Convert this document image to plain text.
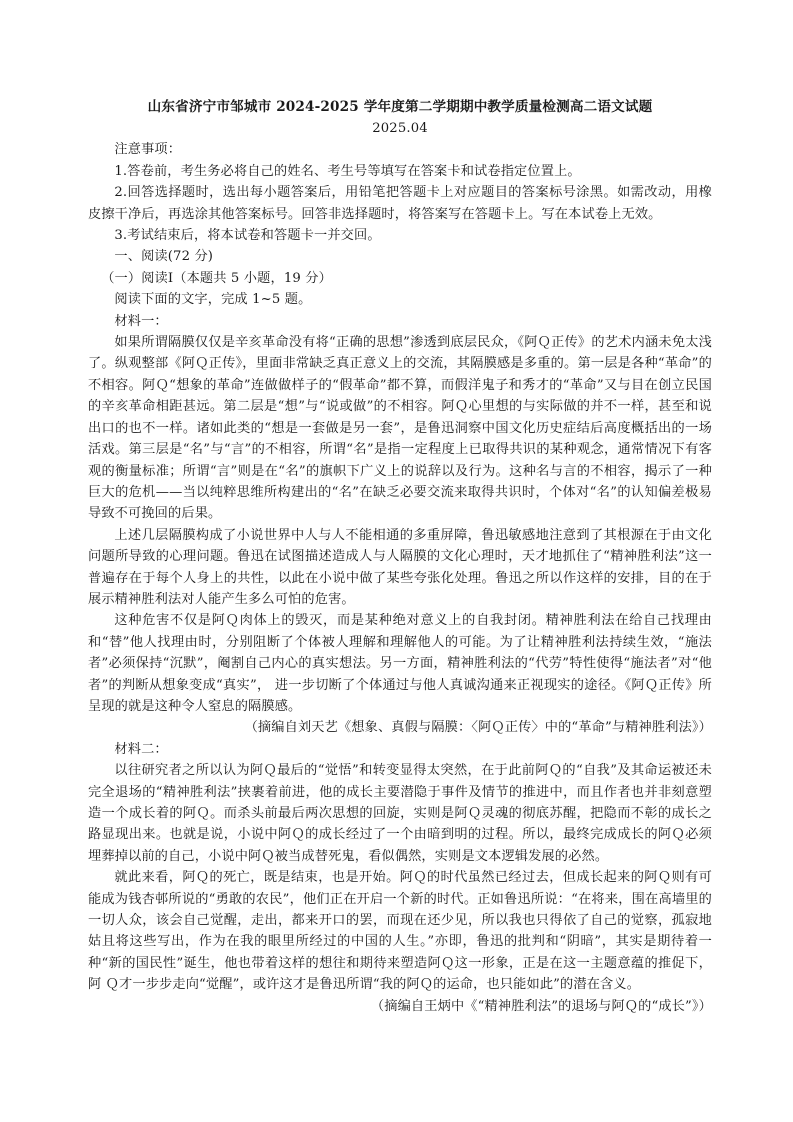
山东省济宁市邹城市 2024-2025 学年度第二学期期中教学质量检测高二语文试题

2025.04

注意事项：

1.答卷前，考生务必将自己的姓名、考生号等填写在答案卡和试卷指定位置上。

2.回答选择题时，选出每小题答案后，用铅笔把答题卡上对应题目的答案标号涂黑。如需改动，用橡皮擦干净后，再选涂其他答案标号。回答非选择题时，将答案写在答题卡上。写在本试卷上无效。

3.考试结束后，将本试卷和答题卡一并交回。

一、阅读(72 分)

（一）阅读Ⅰ（本题共 5 小题，19 分）

阅读下面的文字，完成 1~5 题。

材料一：

如果所谓隔膜仅仅是辛亥革命没有将“正确的思想”渗透到底层民众，《阿Ｑ正传》的艺术内涵未免太浅了。纵观整部《阿Ｑ正传》，里面非常缺乏真正意义上的交流，其隔膜感是多重的。第一层是各种“革命”的不相容。阿Ｑ“想象的革命”连做做样子的“假革命”都不算，而假洋鬼子和秀才的“革命”又与目在创立民国的辛亥革命相距甚远。第二层是“想”与“说或做”的不相容。阿Ｑ心里想的与实际做的并不一样，甚至和说出口的也不一样。诸如此类的“想是一套做是另一套”，是鲁迅洞察中国文化历史症结后高度概括出的一场活戏。第三层是“名”与“言”的不相容，所谓“名”是指一定程度上已取得共识的某种观念，通常情况下有客观的衡量标准；所谓“言”则是在“名”的旗帜下广义上的说辞以及行为。这种名与言的不相容，揭示了一种巨大的危机——当以纯粹思维所构建出的“名”在缺乏必要交流来取得共识时，个体对“名”的认知偏差极易导致不可挽回的后果。

上述几层隔膜构成了小说世界中人与人不能相通的多重屏障，鲁迅敏感地注意到了其根源在于由文化问题所导致的心理问题。鲁迅在试图描述造成人与人隔膜的文化心理时，天才地抓住了“精神胜利法”这一普遍存在于每个人身上的共性，以此在小说中做了某些夸张化处理。鲁迅之所以作这样的安排，目的在于展示精神胜利法对人能产生多么可怕的危害。

这种危害不仅是阿Ｑ肉体上的毁灭，而是某种绝对意义上的自我封闭。精神胜利法在给自己找理由和“替”他人找理由时，分别阻断了个体被人理解和理解他人的可能。为了让精神胜利法持续生效，“施法者”必须保持“沉默”，阉割自己内心的真实想法。另一方面，精神胜利法的“代劳”特性使得“施法者”对“他者”的判断从想象变成“真实”， 进一步切断了个体通过与他人真诚沟通来正视现实的途径。《阿Ｑ正传》所呈现的就是这种令人窒息的隔膜感。

（摘编自刘天艺《想象、真假与隔膜：〈阿Ｑ正传〉中的“革命”与精神胜利法》）

材料二：

以往研究者之所以认为阿Ｑ最后的“觉悟”和转变显得太突然，在于此前阿Ｑ的“自我”及其命运被还未完全退场的“精神胜利法”挟裹着前进，他的成长主要潜隐于事件及情节的推进中，而且作者也并非刻意塑造一个成长着的阿Ｑ。而杀头前最后两次思想的回旋，实则是阿Ｑ灵魂的彻底苏醒，把隐而不彰的成长之路显现出来。也就是说，小说中阿Ｑ的成长经过了一个由暗到明的过程。所以，最终完成成长的阿Ｑ必须埋葬掉以前的自己，小说中阿Ｑ被当成替死鬼，看似偶然，实则是文本逻辑发展的必然。

就此来看，阿Ｑ的死亡，既是结束，也是开始。阿Ｑ的时代虽然已经过去，但成长起来的阿Ｑ则有可能成为钱杏邨所说的“勇敢的农民”，他们正在开启一个新的时代。正如鲁迅所说：“在将来，围在高墙里的一切人众，该会自己觉醒，走出，都来开口的罢，而现在还少见，所以我也只得依了自己的觉察，孤寂地姑且将这些写出，作为在我的眼里所经过的中国的人生。”亦即，鲁迅的批判和“阴暗”，其实是期待着一种“新的国民性”诞生，他也带着这样的想往和期待来塑造阿Ｑ这一形象，正是在这一主题意蕴的推促下，阿 Ｑ才一步步走向“觉醒”，或许这才是鲁迅所谓“我的阿Ｑ的运命，也只能如此”的潜在含义。

（摘编自王炳中《“精神胜利法”的退场与阿Ｑ的“成长”》）
